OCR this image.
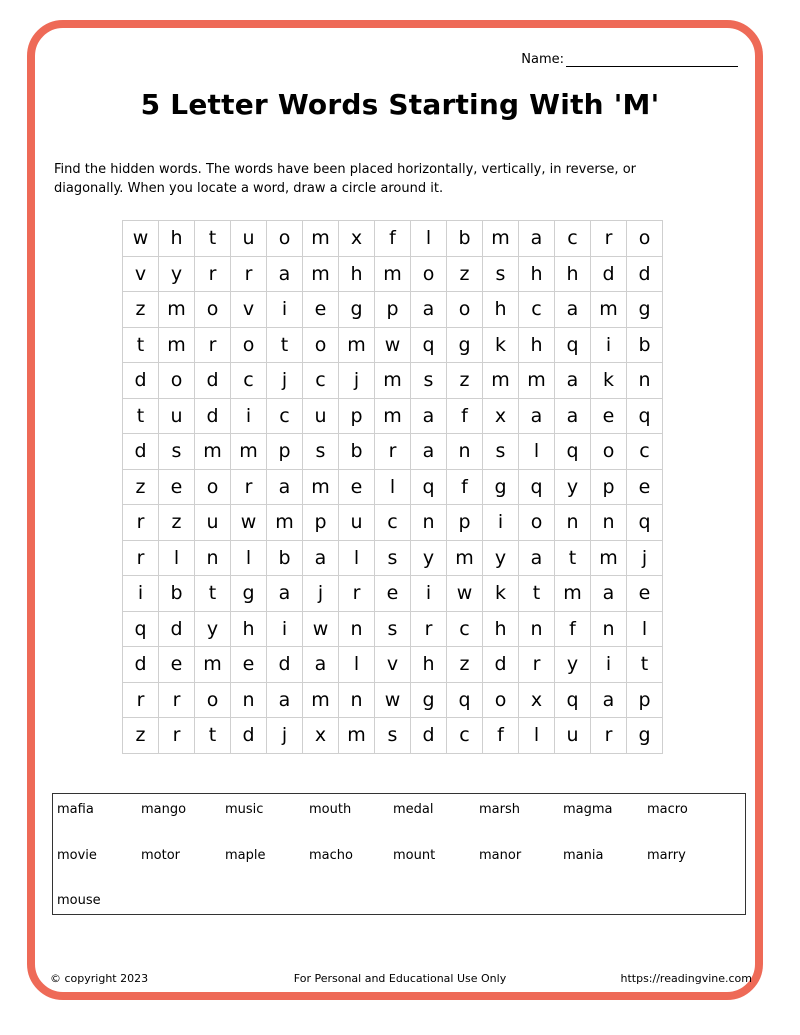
Name:
5 Letter Words Starting With 'M'
Find the hidden words. The words have been placed horizontally, vertically, in reverse, or diagonally. When you locate a word, draw a circle around it.
w	h	t	u	o	m	x	f	l	b	m	a	c	r	o
v	y	r	r	a	m	h	m	o	z	s	h	h	d	d
z	m	o	v	i	e	g	p	a	o	h	c	a	m	g
t	m	r	o	t	o	m	w	q	g	k	h	q	i	b
d	o	d	c	j	c	j	m	s	z	m	m	a	k	n
t	u	d	i	c	u	p	m	a	f	x	a	a	e	q
d	s	m	m	p	s	b	r	a	n	s	l	q	o	c
z	e	o	r	a	m	e	l	q	f	g	q	y	p	e
r	z	u	w	m	p	u	c	n	p	i	o	n	n	q
r	l	n	l	b	a	l	s	y	m	y	a	t	m	j
i	b	t	g	a	j	r	e	i	w	k	t	m	a	e
q	d	y	h	i	w	n	s	r	c	h	n	f	n	l
d	e	m	e	d	a	l	v	h	z	d	r	y	i	t
r	r	o	n	a	m	n	w	g	q	o	x	q	a	p
z	r	t	d	j	x	m	s	d	c	f	l	u	r	g
mafia	mango	music	mouth	medal	marsh	magma	macro
movie	motor	maple	macho	mount	manor	mania	marry
mouse
© copyright 2023	For Personal and Educational Use Only	https://readingvine.com
